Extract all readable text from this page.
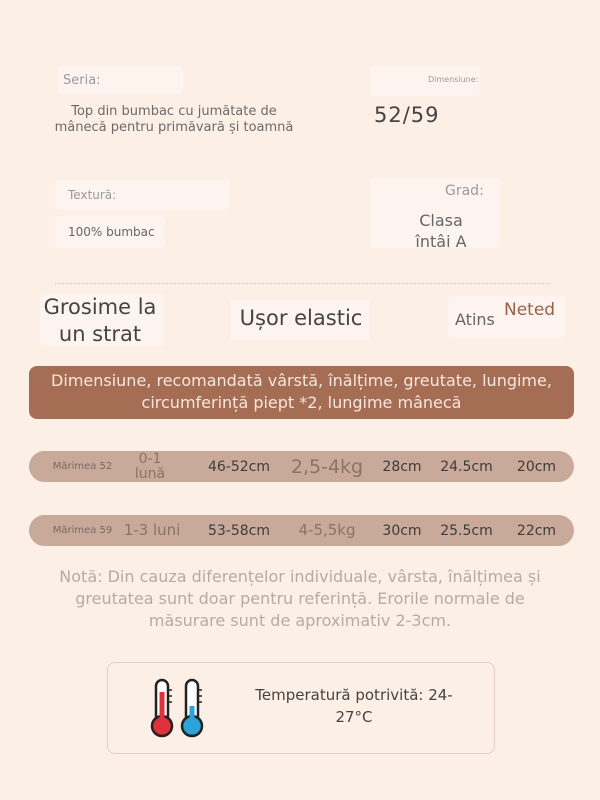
Seria:
Top din bumbac cu jumătate de mânecă pentru primăvară și toamnă
Dimensiune:
52/59
Textură:
100% bumbac
Grad:
Clasa întâi A
Grosime la un strat
Ușor elastic	Atins Neted
Dimensiune, recomandată vârstă, înălțime, greutate, lungime, circumferință piept *2, lungime mânecă
Mărimea 52	0-1 lună	46-52cm	2,5-4kg	28cm	24.5cm	20cm
Mărimea 59 1-3 luni	53-58cm	4-5,5kg	30cm	25.5cm	22cm
Notă: Din cauza diferențelor individuale, vârsta, înălțimea și greutatea sunt doar pentru referință. Erorile normale de măsurare sunt de aproximativ 2-3cm.
Temperatură potrivită: 24-27°C
